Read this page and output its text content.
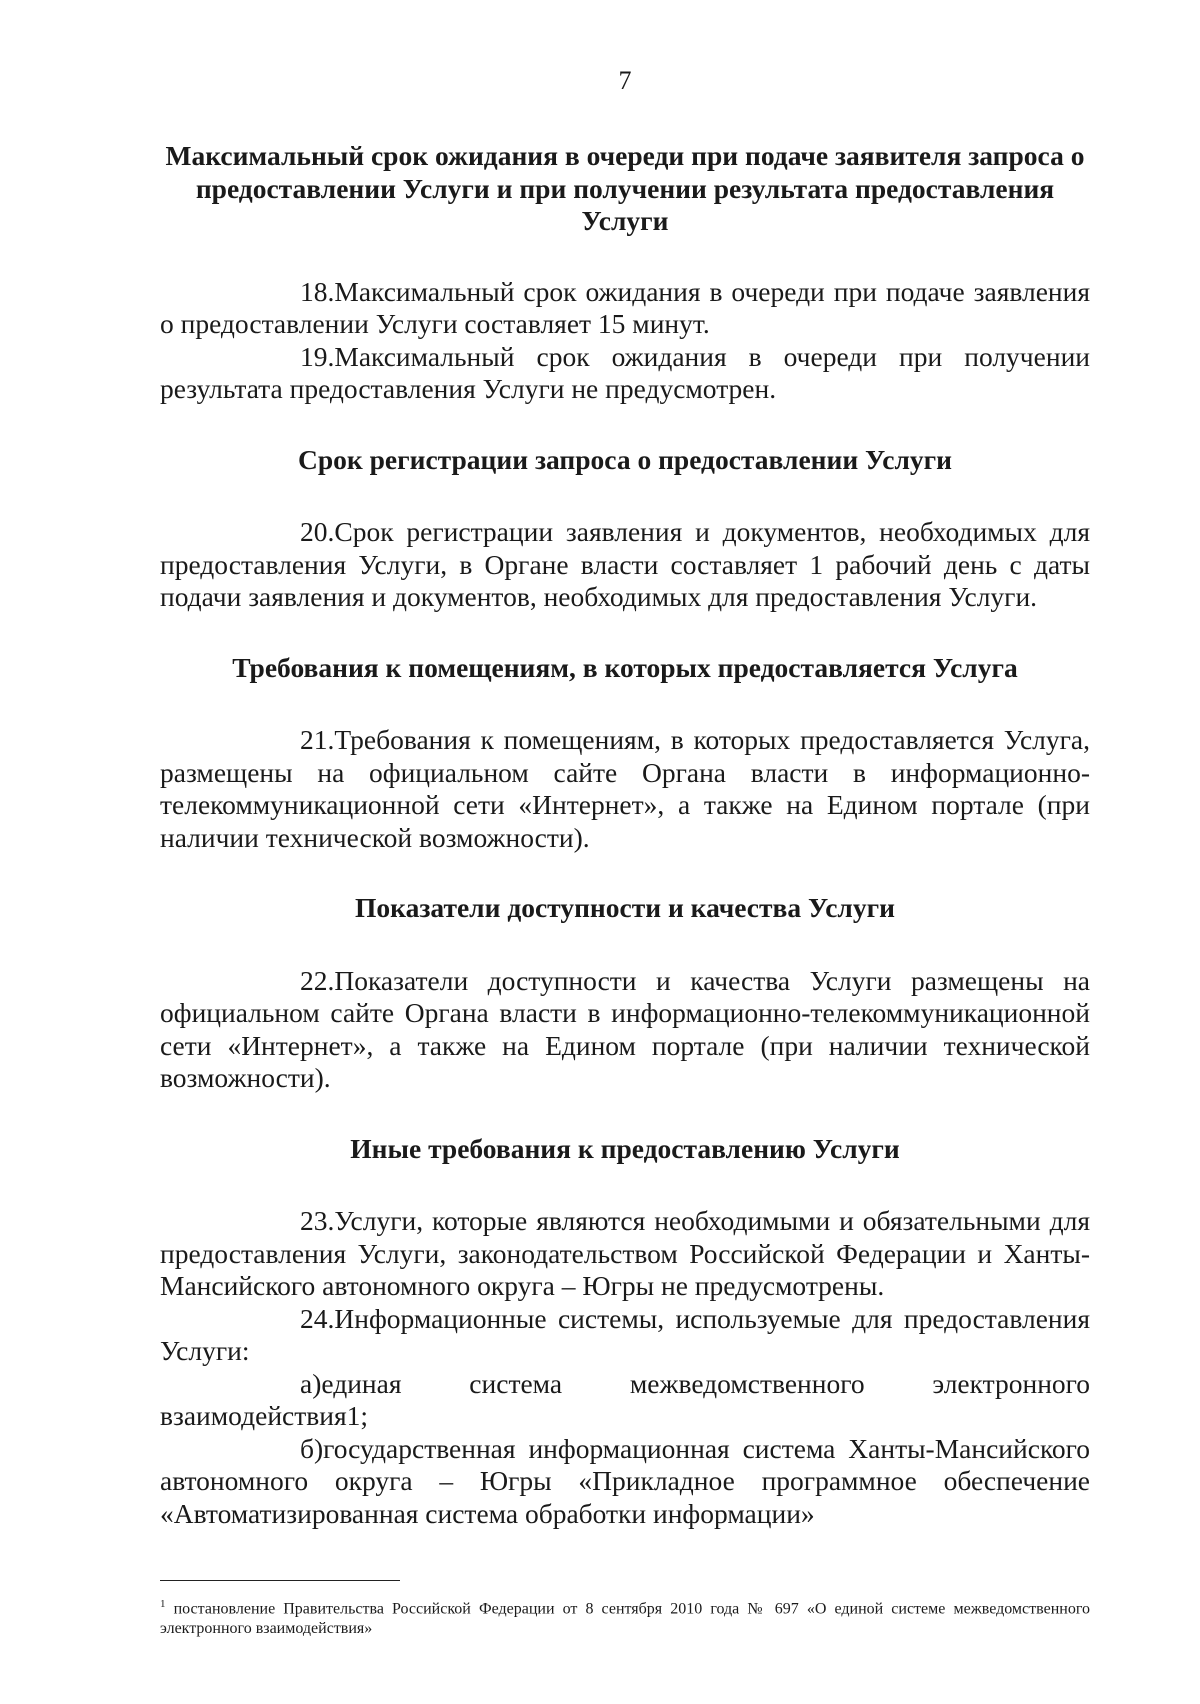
7

Максимальный срок ожидания в очереди при подаче заявителя запроса о предоставлении Услуги и при получении результата предоставления Услуги

18.Максимальный срок ожидания в очереди при подаче заявления о предоставлении Услуги составляет 15 минут.

19.Максимальный срок ожидания в очереди при получении результата предоставления Услуги не предусмотрен.

Срок регистрации запроса о предоставлении Услуги

20.Срок регистрации заявления и документов, необходимых для предоставления Услуги, в Органе власти составляет 1 рабочий день с даты подачи заявления и документов, необходимых для предоставления Услуги.

Требования к помещениям, в которых предоставляется Услуга

21.Требования к помещениям, в которых предоставляется Услуга, размещены на официальном сайте Органа власти в информационно-телекоммуникационной сети «Интернет», а также на Едином портале (при наличии технической возможности).

Показатели доступности и качества Услуги

22.Показатели доступности и качества Услуги размещены на официальном сайте Органа власти в информационно-телекоммуникационной сети «Интернет», а также на Едином портале (при наличии технической возможности).

Иные требования к предоставлению Услуги

23.Услуги, которые являются необходимыми и обязательными для предоставления Услуги, законодательством Российской Федерации и Ханты-Мансийского автономного округа – Югры не предусмотрены.

24.Информационные системы, используемые для предоставления Услуги:

а)единая система межведомственного электронного взаимодействия1;

б)государственная информационная система Ханты-Мансийского автономного округа – Югры «Прикладное программное обеспечение «Автоматизированная система обработки информации»

$^1$ постановление Правительства Российской Федерации от 8 сентября 2010 года № 697 «О единой системе межведомственного электронного взаимодействия»
